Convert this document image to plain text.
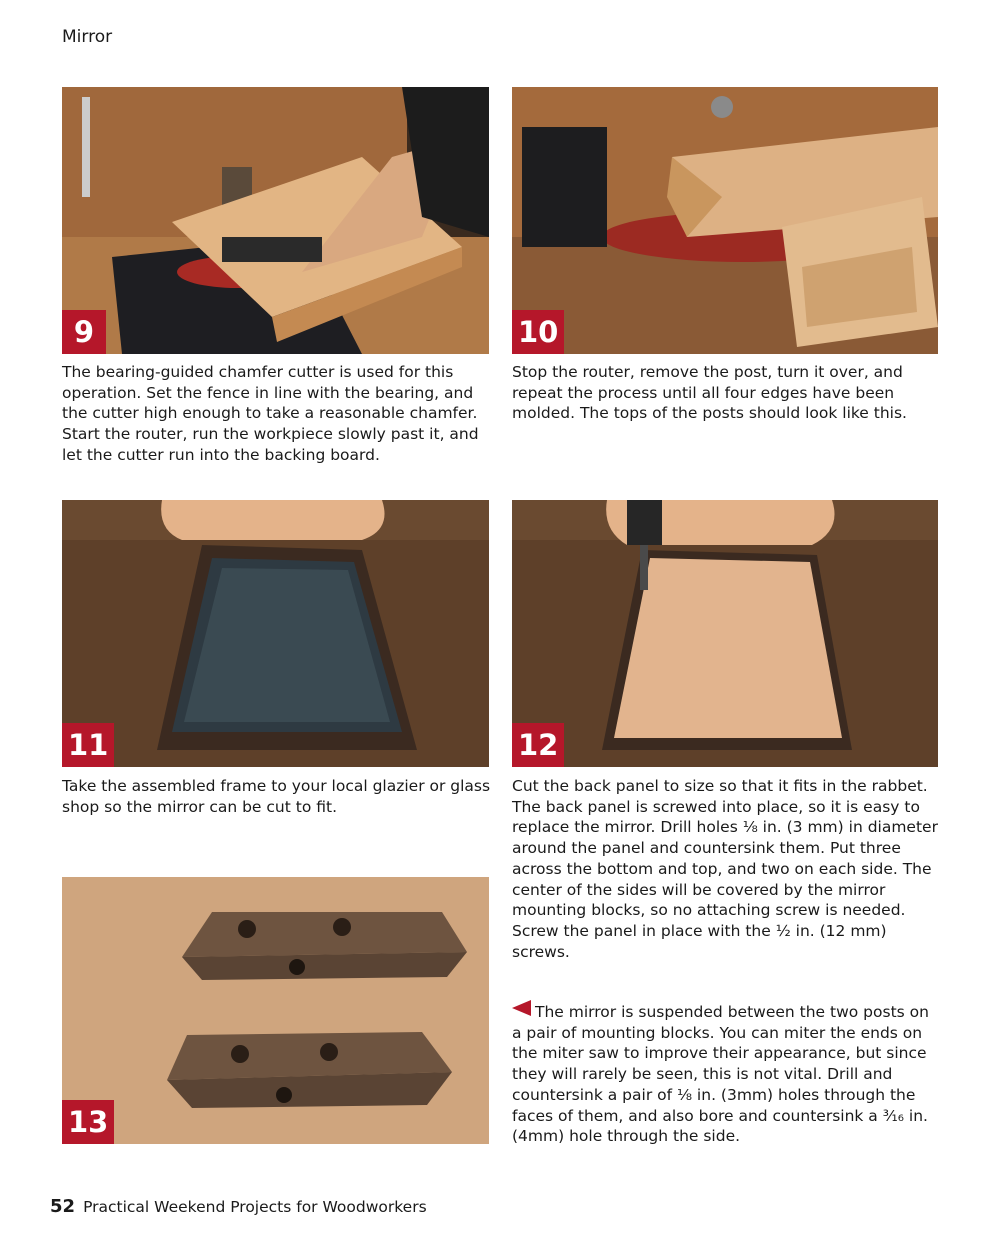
Mirror
9	10
The bearing-guided chamfer cutter is used for this operation. Set the fence in line with the bearing, and the cutter high enough to take a reasonable chamfer. Start the router, run the workpiece slowly past it, and let the cutter run into the backing board.
Stop the router, remove the post, turn it over, and repeat the process until all four edges have been molded. The tops of the posts should look like this.
11	12
Take the assembled frame to your local glazier or glass shop so the mirror can be cut to fit.
Cut the back panel to size so that it fits in the rabbet. The back panel is screwed into place, so it is easy to replace the mirror. Drill holes ⅛ in. (3 mm) in diameter around the panel and countersink them. Put three across the bottom and top, and two on each side. The center of the sides will be covered by the mirror mounting blocks, so no attaching screw is needed. Screw the panel in place with the ½ in. (12 mm) screws.
13
The mirror is suspended between the two posts on a pair of mounting blocks. You can miter the ends on the miter saw to improve their appearance, but since they will rarely be seen, this is not vital. Drill and countersink a pair of ⅛ in. (3mm) holes through the faces of them, and also bore and countersink a ³⁄₁₆ in. (4mm) hole through the side.
52 Practical Weekend Projects for Woodworkers
